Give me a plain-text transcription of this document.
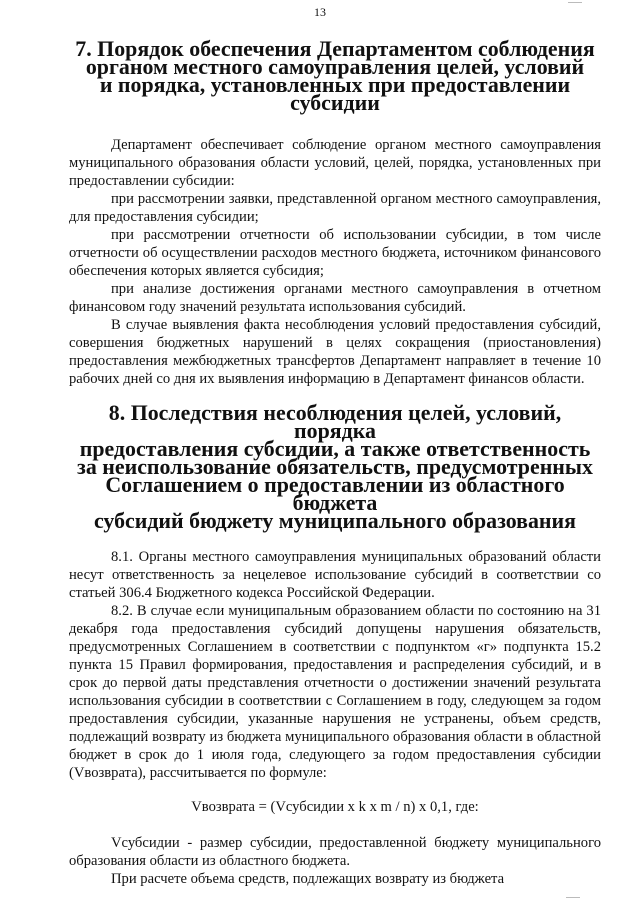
13
7. Порядок обеспечения Департаментом соблюдения
органом местного самоуправления целей, условий
и порядка, установленных при предоставлении субсидии

Департамент обеспечивает соблюдение органом местного самоуправления муниципального образования области условий, целей, порядка, установленных при предоставлении субсидии:

при рассмотрении заявки, представленной органом местного самоуправления, для предоставления субсидии;

при рассмотрении отчетности об использовании субсидии, в том числе отчетности об осуществлении расходов местного бюджета, источником финансового обеспечения которых является субсидия;

при анализе достижения органами местного самоуправления в отчетном финансовом году значений результата использования субсидий.

В случае выявления факта несоблюдения условий предоставления субсидий, совершения бюджетных нарушений в целях сокращения (приостановления) предоставления межбюджетных трансфертов Департамент направляет в течение 10 рабочих дней со дня их выявления информацию в Департамент финансов области.

8. Последствия несоблюдения целей, условий, порядка
предоставления субсидии, а также ответственность
за неиспользование обязательств, предусмотренных
Соглашением о предоставлении из областного бюджета
субсидий бюджету муниципального образования

8.1. Органы местного самоуправления муниципальных образований области несут ответственность за нецелевое использование субсидий в соответствии со статьей 306.4 Бюджетного кодекса Российской Федерации.

8.2. В случае если муниципальным образованием области по состоянию на 31 декабря года предоставления субсидий допущены нарушения обязательств, предусмотренных Соглашением в соответствии с подпунктом «г» подпункта 15.2 пункта 15 Правил формирования, предоставления и распределения субсидий, и в срок до первой даты представления отчетности о достижении значений результата использования субсидии в соответствии с Соглашением в году, следующем за годом предоставления субсидии, указанные нарушения не устранены, объем средств, подлежащий возврату из бюджета муниципального образования области в областной бюджет в срок до 1 июля года, следующего за годом предоставления субсидии (Vвозврата), рассчитывается по формуле:

Vвозврата = (Vсубсидии x k x m / n) x 0,1, где:

Vсубсидии - размер субсидии, предоставленной бюджету муниципального образования области из областного бюджета.

При расчете объема средств, подлежащих возврату из бюджета
